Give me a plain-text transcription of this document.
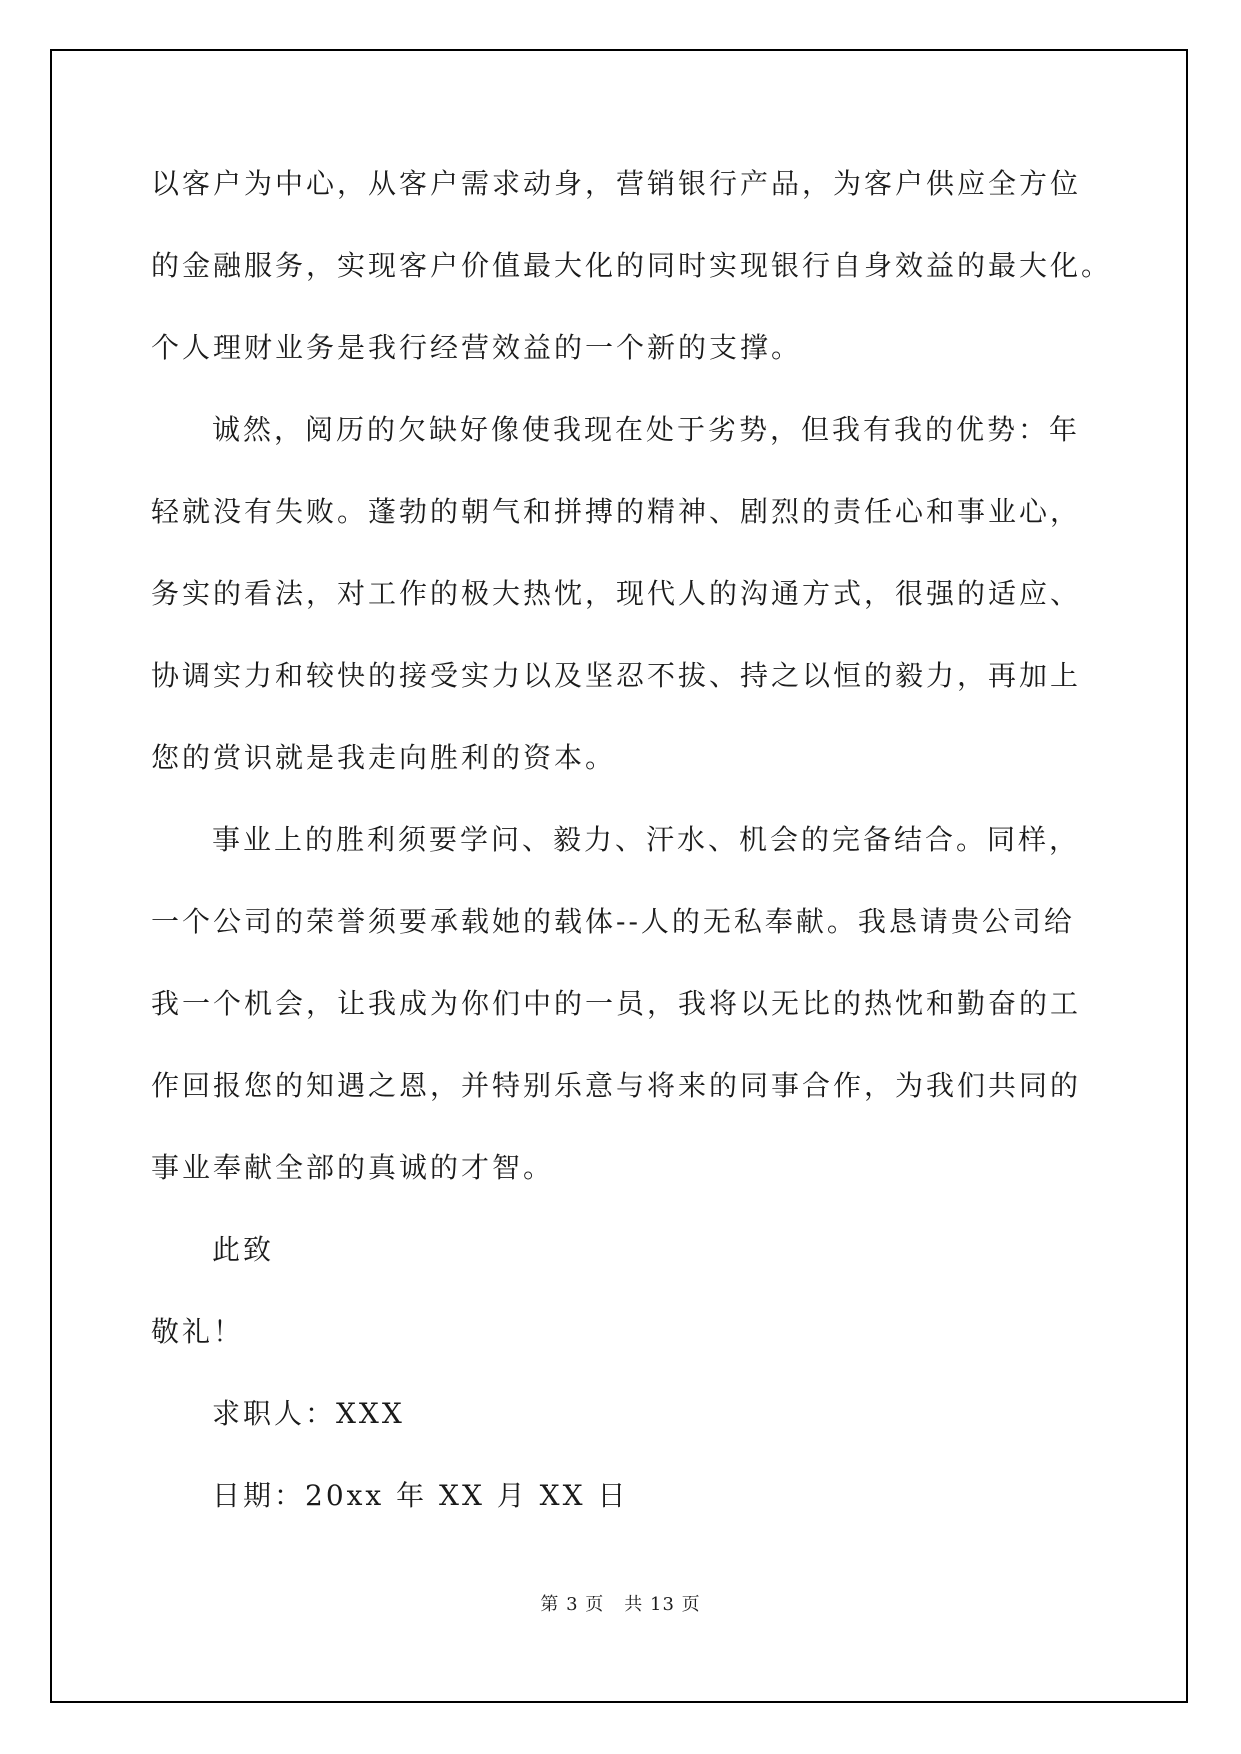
以客户为中心，从客户需求动身，营销银行产品，为客户供应全方位
的金融服务，实现客户价值最大化的同时实现银行自身效益的最大化。
个人理财业务是我行经营效益的一个新的支撑。
诚然，阅历的欠缺好像使我现在处于劣势，但我有我的优势：年
轻就没有失败。蓬勃的朝气和拼搏的精神、剧烈的责任心和事业心，
务实的看法，对工作的极大热忱，现代人的沟通方式，很强的适应、
协调实力和较快的接受实力以及坚忍不拔、持之以恒的毅力，再加上
您的赏识就是我走向胜利的资本。
事业上的胜利须要学问、毅力、汗水、机会的完备结合。同样，
一个公司的荣誉须要承载她的载体--人的无私奉献。我恳请贵公司给
我一个机会，让我成为你们中的一员，我将以无比的热忱和勤奋的工
作回报您的知遇之恩，并特别乐意与将来的同事合作，为我们共同的
事业奉献全部的真诚的才智。
此致
敬礼！
求职人：XXX
日期：20xx 年 XX 月 XX 日
第 3 页 共 13 页
